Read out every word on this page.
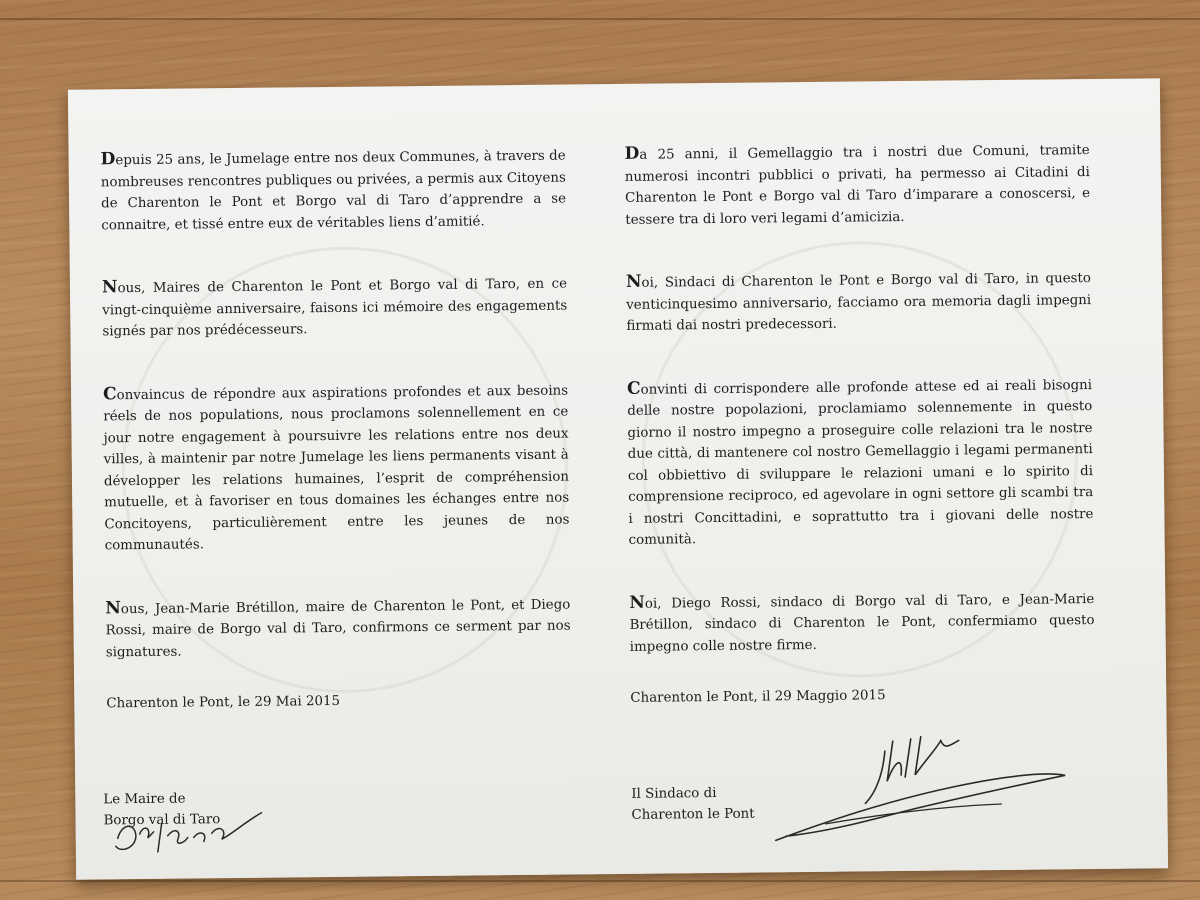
Depuis 25 ans, le Jumelage entre nos deux Communes, à travers de nombreuses rencontres publiques ou privées, a permis aux Citoyens de Charenton le Pont et Borgo val di Taro d’apprendre a se connaitre, et tissé entre eux de véritables liens d’amitié.

Nous, Maires de Charenton le Pont et Borgo val di Taro, en ce vingt-cinquième anniversaire, faisons ici mémoire des engagements signés par nos prédécesseurs.

Convaincus de répondre aux aspirations profondes et aux besoins réels de nos populations, nous proclamons solennellement en ce jour notre engagement à poursuivre les relations entre nos deux villes, à maintenir par notre Jumelage les liens permanents visant à développer les relations humaines, l’esprit de compréhension mutuelle, et à favoriser en tous domaines les échanges entre nos Concitoyens, particulièrement entre les jeunes de nos communautés.

Nous, Jean-Marie Brétillon, maire de Charenton le Pont, et Diego Rossi, maire de Borgo val di Taro, confirmons ce serment par nos signatures.

Da 25 anni, il Gemellaggio tra i nostri due Comuni, tramite numerosi incontri pubblici o privati, ha permesso ai Citadini di Charenton le Pont e Borgo val di Taro d’imparare a conoscersi, e tessere tra di loro veri legami d’amicizia.

Noi, Sindaci di Charenton le Pont e Borgo val di Taro, in questo venticinquesimo anniversario, facciamo ora memoria dagli impegni firmati dai nostri predecessori.

Convinti di corrispondere alle profonde attese ed ai reali bisogni delle nostre popolazioni, proclamiamo solennemente in questo giorno il nostro impegno a proseguire colle relazioni tra le nostre due città, di mantenere col nostro Gemellaggio i legami permanenti col obbiettivo di sviluppare le relazioni umani e lo spirito di comprensione reciproco, ed agevolare in ogni settore gli scambi tra i nostri Concittadini, e soprattutto tra i giovani delle nostre comunità.

Noi, Diego Rossi, sindaco di Borgo val di Taro, e Jean-Marie Brétillon, sindaco di Charenton le Pont, confermiamo questo impegno colle nostre firme.

Charenton le Pont, le 29 Mai 2015	Charenton le Pont, il 29 Maggio 2015
Le Maire de
Borgo val di Taro
Il Sindaco di
Charenton le Pont
